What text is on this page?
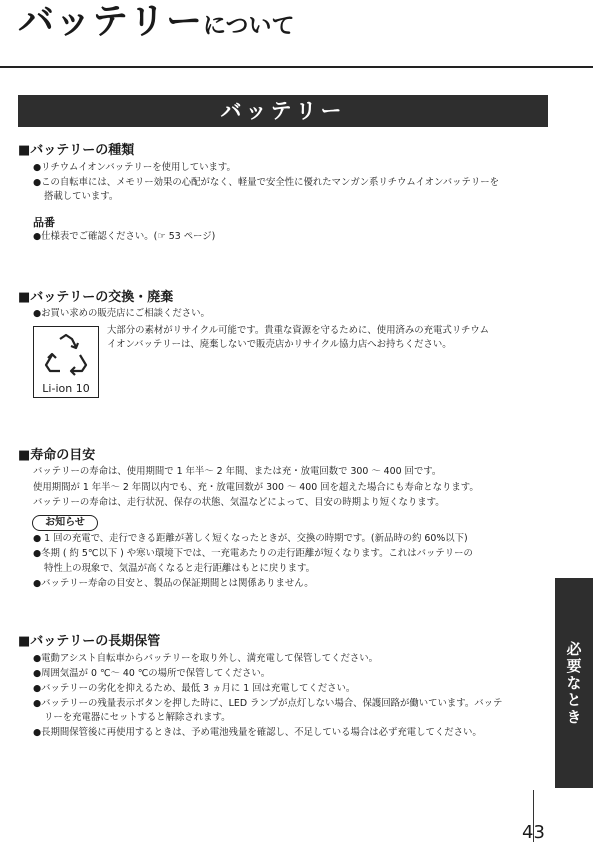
バッテリーについて
バッテリー
■バッテリーの種類
●リチウムイオンバッテリーを使用しています。
●この自転車には、メモリー効果の心配がなく、軽量で安全性に優れたマンガン系リチウムイオンバッテリーを
搭載しています。
品番
●仕様表でご確認ください。(☞ 53 ページ)
■バッテリーの交換・廃棄
●お買い求めの販売店にご相談ください。
Li-ion 10
大部分の素材がリサイクル可能です。貴重な資源を守るために、使用済みの充電式リチウム
イオンバッテリーは、廃棄しないで販売店かリサイクル協力店へお持ちください。
■寿命の目安
バッテリーの寿命は、使用期間で 1 年半～ 2 年間、または充・放電回数で 300 ～ 400 回です。
使用期間が 1 年半～ 2 年間以内でも、充・放電回数が 300 ～ 400 回を超えた場合にも寿命となります。
バッテリーの寿命は、走行状況、保存の状態、気温などによって、目安の時期より短くなります。
お知らせ
● 1 回の充電で、走行できる距離が著しく短くなったときが、交換の時期です。(新品時の約 60%以下)
●冬期 ( 約 5℃以下 ) や寒い環境下では、一充電あたりの走行距離が短くなります。これはバッテリーの
特性上の現象で、気温が高くなると走行距離はもとに戻ります。
●バッテリー寿命の目安と、製品の保証期間とは関係ありません。
■バッテリーの長期保管
●電動アシスト自転車からバッテリーを取り外し、満充電して保管してください。
●周囲気温が 0 ℃～ 40 ℃の場所で保管してください。
●バッテリーの劣化を抑えるため、最低 3 ヵ月に 1 回は充電してください。
●バッテリーの残量表示ボタンを押した時に、LED ランプが点灯しない場合、保護回路が働いています。バッテ
リーを充電器にセットすると解除されます。
●長期間保管後に再使用するときは、予め電池残量を確認し、不足している場合は必ず充電してください。
必要なとき
43
